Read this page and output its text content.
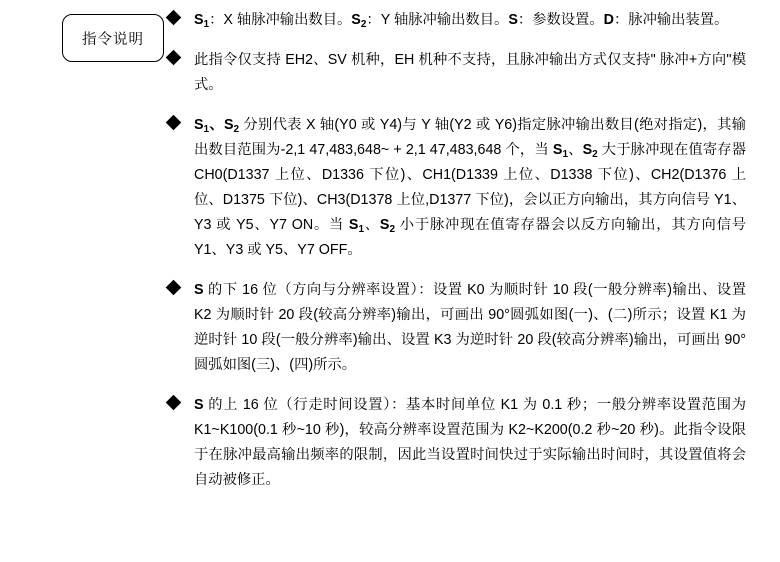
指令说明
$S_1$：X 轴脉冲输出数目。$S_2$：Y 轴脉冲输出数目。S：参数设置。D：脉冲输出装置。
此指令仅支持 EH2、SV 机种，EH 机种不支持，且脉冲输出方式仅支持" 脉冲+方向"模式。
$S_1$、$S_2$ 分别代表 X 轴(Y0 或 Y4)与 Y 轴(Y2 或 Y6)指定脉冲输出数目(绝对指定)，其输出数目范围为-2,1 47,483,648~ + 2,1 47,483,648 个，当 $S_1$、$S_2$ 大于脉冲现在值寄存器 CH0(D1337 上位、D1336 下位)、CH1(D1339 上位、D1338 下位)、CH2(D1376 上位、D1375 下位)、CH3(D1378 上位,D1377 下位)，会以正方向输出，其方向信号 Y1、Y3 或 Y5、Y7 ON。当 $S_1$、$S_2$ 小于脉冲现在值寄存器会以反方向输出，其方向信号 Y1、Y3 或 Y5、Y7 OFF。
S 的下 16 位（方向与分辨率设置）：设置 K0 为顺时针 10 段(一般分辨率)输出、设置 K2 为顺时针 20 段(较高分辨率)输出，可画出 90°圆弧如图(一)、(二)所示；设置 K1 为逆时针 10 段(一般分辨率)输出、设置 K3 为逆时针 20 段(较高分辨率)输出，可画出 90°圆弧如图(三)、(四)所示。
S 的上 16 位（行走时间设置）：基本时间单位 K1 为 0.1 秒；一般分辨率设置范围为 K1~K100(0.1 秒~10 秒)，较高分辨率设置范围为 K2~K200(0.2 秒~20 秒)。此指令设限于在脉冲最高输出频率的限制，因此当设置时间快过于实际输出时间时，其设置值将会自动被修正。
